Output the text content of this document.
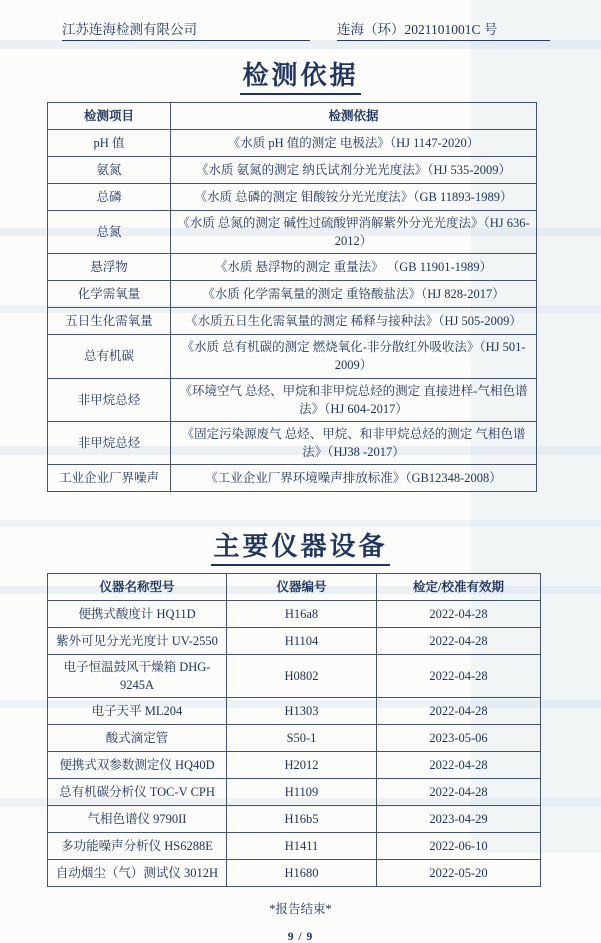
江苏连海检测有限公司	连海（环）2021101001C 号
检测依据
检测项目	检测依据
pH 值	《水质 pH 值的测定 电极法》（HJ 1147-2020）
氨氮	《水质 氨氮的测定 纳氏试剂分光光度法》（HJ 535-2009）
总磷	《水质 总磷的测定 钼酸铵分光光度法》（GB 11893-1989）
总氮	《水质 总氮的测定 碱性过硫酸钾消解紫外分光光度法》（HJ 636-2012）
悬浮物	《水质 悬浮物的测定 重量法》 （GB 11901-1989）
化学需氧量	《水质 化学需氧量的测定 重铬酸盐法》（HJ 828-2017）
五日生化需氧量	《水质五日生化需氧量的测定 稀释与接种法》（HJ 505-2009）
总有机碳	《水质 总有机碳的测定 燃烧氧化-非分散红外吸收法》（HJ 501-2009）
非甲烷总烃	《环境空气 总烃、甲烷和非甲烷总烃的测定 直接进样-气相色谱法》（HJ 604-2017）
非甲烷总烃	《固定污染源废气 总烃、甲烷、和非甲烷总烃的测定 气相色谱法》（HJ38 -2017）
工业企业厂界噪声	《工业企业厂界环境噪声排放标准》（GB12348-2008）
主要仪器设备
仪器名称型号	仪器编号	检定/校准有效期
便携式酸度计 HQ11D	H16a8	2022-04-28
紫外可见分光光度计 UV-2550	H1104	2022-04-28
电子恒温鼓风干燥箱 DHG-9245A	H0802	2022-04-28
电子天平 ML204	H1303	2022-04-28
酸式滴定管	S50-1	2023-05-06
便携式双参数测定仪 HQ40D	H2012	2022-04-28
总有机碳分析仪 TOC-V CPH	H1109	2022-04-28
气相色谱仪 9790II	H16b5	2023-04-29
多功能噪声分析仪 HS6288E	H1411	2022-06-10
自动烟尘（气）测试仪 3012H	H1680	2022-05-20
*报告结束*
9 / 9
